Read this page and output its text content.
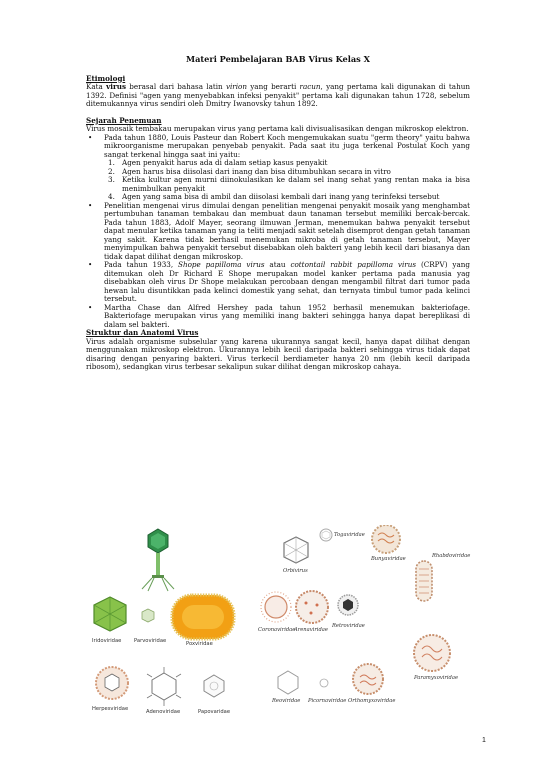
Materi Pembelajaran BAB Virus Kelas X
Etimologi

Kata virus berasal dari bahasa latin virion yang berarti racun, yang pertama kali digunakan di tahun 1392. Definisi "agen yang menyebabkan infeksi penyakit" pertama kali digunakan tahun 1728, sebelum ditemukannya virus sendiri oleh Dmitry Iwanovsky tahun 1892.

Sejarah Penemuan

Virus mosaik tembakau merupakan virus yang pertama kali divisualisasikan dengan mikroskop elektron.

• Pada tahun 1880, Louis Pasteur dan Robert Koch mengemukakan suatu "germ theory" yaitu bahwa mikroorganisme merupakan penyebab penyakit. Pada saat itu juga terkenal Postulat Koch yang sangat terkenal hingga saat ini yaitu:
1. Agen penyakit harus ada di dalam setiap kasus penyakit
2. Agen harus bisa diisolasi dari inang dan bisa ditumbuhkan secara in vitro
3. Ketika kultur agen murni diinokulasikan ke dalam sel inang sehat yang rentan maka ia bisa menimbulkan penyakit
4. Agen yang sama bisa di ambil dan diisolasi kembali dari inang yang terinfeksi tersebut
• Penelitian mengenai virus dimulai dengan penelitian mengenai penyakit mosaik yang menghambat pertumbuhan tanaman tembakau dan membuat daun tanaman tersebut memiliki bercak-bercak. Pada tahun 1883, Adolf Mayer, seorang ilmuwan Jerman, menemukan bahwa penyakit tersebut dapat menular ketika tanaman yang ia teliti menjadi sakit setelah disemprot dengan getah tanaman yang sakit. Karena tidak berhasil menemukan mikroba di getah tanaman tersebut, Mayer menyimpulkan bahwa penyakit tersebut disebabkan oleh bakteri yang lebih kecil dari biasanya dan tidak dapat dilihat dengan mikroskop.
• Pada tahun 1933, Shope papilloma virus atau cottontail rabbit papilloma virus (CRPV) yang ditemukan oleh Dr Richard E Shope merupakan model kanker pertama pada manusia yag disebabkan oleh virus Dr Shope melakukan percobaan dengan mengambil filtrat dari tumor pada hewan lalu disuntikkan pada kelinci domestik yang sehat, dan ternyata timbul tumor pada kelinci tersebut.
• Martha Chase dan Alfred Hershey pada tahun 1952 berhasil menemukan bakteriofage. Bakteriofage merupakan virus yang memiliki inang bakteri sehingga hanya dapat bereplikasi di dalam sel bakteri.
Struktur dan Anatomi Virus

Virus adalah organisme subselular yang karena ukurannya sangat kecil, hanya dapat dilihat dengan menggunakan mikroskop elektron. Ukurannya lebih kecil daripada bakteri sehingga virus tidak dapat disaring dengan penyaring bakteri. Virus terkecil berdiameter hanya 20 nm (lebih kecil daripada ribosom), sedangkan virus terbesar sekalipun sukar dilihat dengan mikroskop cahaya.

Orbivirus
Togaviridae
Bunyaviridae	Rhabdoviridae
Iridoviridae Parvoviridae	Poxviridae
Coronaviridae
Arenaviridae
Retroviridae
Paramyxoviridae
Herpesviridae	Adenoviridae	Papovaridae
Reoviridae Picornaviridae Orthomyxoviridae
1
